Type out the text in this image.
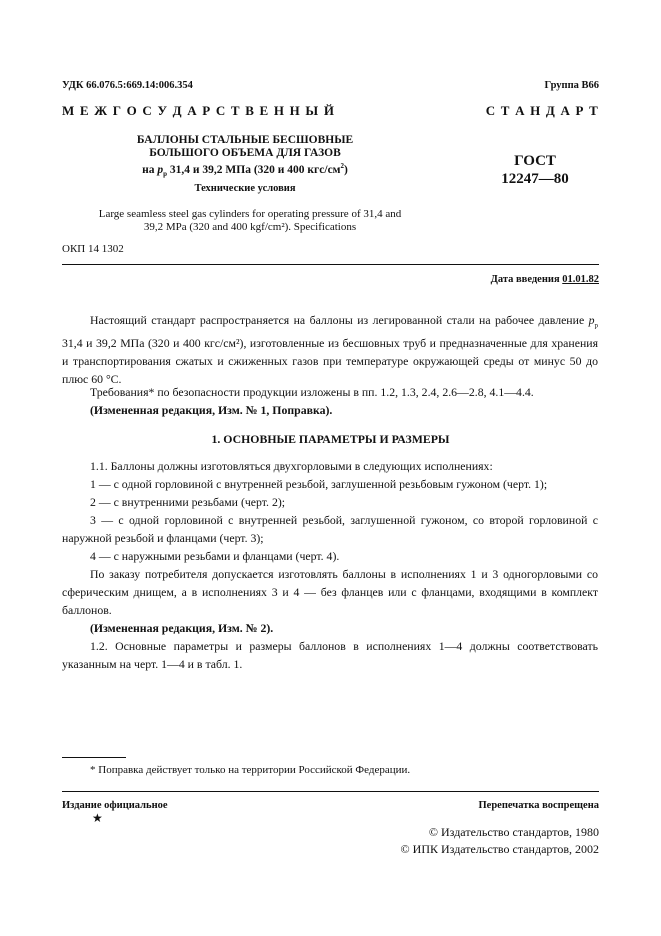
УДК 66.076.5:669.14:006.354	Группа В66
М Е Ж Г О С У Д А Р С Т В Е Н Н Ы Й	С Т А Н Д А Р Т
БАЛЛОНЫ СТАЛЬНЫЕ БЕСШОВНЫЕ
БОЛЬШОГО ОБЪЕМА ДЛЯ ГАЗОВ
на $p_p$ 31,4 и 39,2 МПа (320 и 400 кгс/$см^2$)
Технические условия
Large seamless steel gas cylinders for operating pressure of 31,4 and
39,2 MPa (320 and 400 kgf/cm²). Specifications
ГОСТ
12247—80
ОКП 14 1302
Дата введения 01.01.82
Настоящий стандарт распространяется на баллоны из легированной стали на рабочее давление $p_p$ 31,4 и 39,2 МПа (320 и 400 кгс/см²), изготовленные из бесшовных труб и предназначенные для хранения и транспортирования сжатых и сжиженных газов при температуре окружающей среды от минус 50 до плюс 60 °С.
Требования* по безопасности продукции изложены в пп. 1.2, 1.3, 2.4, 2.6—2.8, 4.1—4.4.
(Измененная редакция, Изм. № 1, Поправка).
1. ОСНОВНЫЕ ПАРАМЕТРЫ И РАЗМЕРЫ
1.1. Баллоны должны изготовляться двухгорловыми в следующих исполнениях:
1 — с одной горловиной с внутренней резьбой, заглушенной резьбовым гужоном (черт. 1);
2 — с внутренними резьбами (черт. 2);
3 — с одной горловиной с внутренней резьбой, заглушенной гужоном, со второй горловиной с наружной резьбой и фланцами (черт. 3);
4 — с наружными резьбами и фланцами (черт. 4).
По заказу потребителя допускается изготовлять баллоны в исполнениях 1 и 3 одногорловыми со сферическим днищем, а в исполнениях 3 и 4 — без фланцев или с фланцами, входящими в комплект баллонов.
(Измененная редакция, Изм. № 2).
1.2. Основные параметры и размеры баллонов в исполнениях 1—4 должны соответствовать указанным на черт. 1—4 и в табл. 1.
* Поправка действует только на территории Российской Федерации.
Издание официальное	Перепечатка воспрещена
★
© Издательство стандартов, 1980
© ИПК Издательство стандартов, 2002
